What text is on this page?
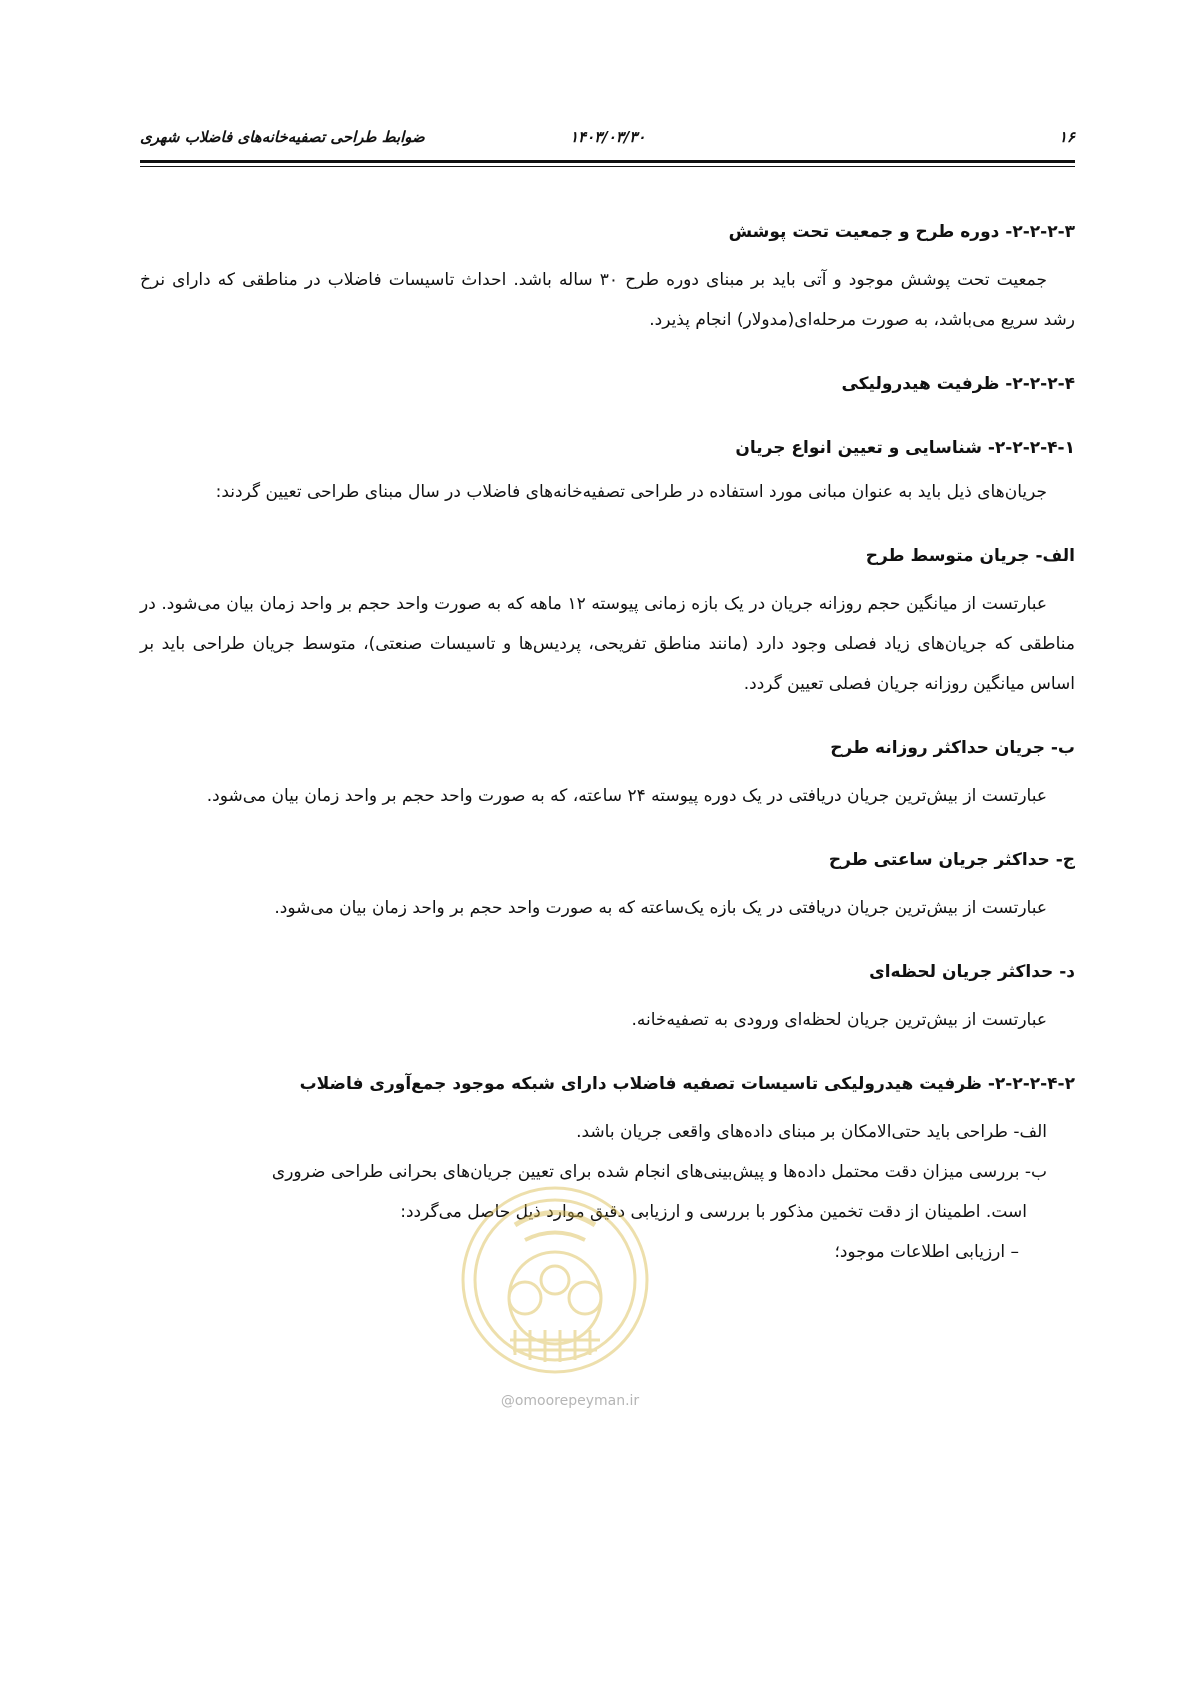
۱۶
۱۴۰۳/۰۳/۳۰
ضوابط طراحی تصفیه‌خانه‌های فاضلاب شهری

۲-۲-۲-۳- دوره طرح و جمعیت تحت پوشش

جمعیت تحت پوشش موجود و آتی باید بر مبنای دوره طرح ۳۰ ساله باشد. احداث تاسیسات فاضلاب در مناطقی که دارای نرخ رشد سریع می‌باشد، به صورت مرحله‌ای(مدولار) انجام پذیرد.

۲-۲-۲-۴- ظرفیت هیدرولیکی

۲-۲-۲-۴-۱- شناسایی و تعیین انواع جریان

جریان‌های ذیل باید به عنوان مبانی مورد استفاده در طراحی تصفیه‌خانه‌های فاضلاب در سال مبنای طراحی تعیین گردند:

الف- جریان متوسط طرح

عبارتست از میانگین حجم روزانه جریان در یک بازه زمانی پیوسته ۱۲ ماهه که به صورت واحد حجم بر واحد زمان بیان می‌شود. در مناطقی که جریان‌های زیاد فصلی وجود دارد (مانند مناطق تفریحی، پردیس‌ها و تاسیسات صنعتی)، متوسط جریان طراحی باید بر اساس میانگین روزانه جریان فصلی تعیین گردد.

ب- جریان حداکثر روزانه طرح

عبارتست از بیش‌ترین جریان دریافتی در یک دوره پیوسته ۲۴ ساعته، که به صورت واحد حجم بر واحد زمان بیان می‌شود.

ج- حداکثر جریان ساعتی طرح

عبارتست از بیش‌ترین جریان دریافتی در یک بازه یک‌ساعته که به صورت واحد حجم بر واحد زمان بیان می‌شود.

د- حداکثر جریان لحظه‌ای

عبارتست از بیش‌ترین جریان لحظه‌ای ورودی به تصفیه‌خانه.

۲-۲-۲-۴-۲- ظرفیت هیدرولیکی تاسیسات تصفیه فاضلاب دارای شبکه موجود جمع‌آوری فاضلاب

الف- طراحی باید حتی‌الامکان بر مبنای داده‌های واقعی جریان باشد.

ب- بررسی میزان دقت محتمل داده‌ها و پیش‌بینی‌های انجام شده برای تعیین جریان‌های بحرانی طراحی ضروری

است. اطمینان از دقت تخمین مذکور با بررسی و ارزیابی دقیق موارد ذیل حاصل می‌گردد:

– ارزیابی اطلاعات موجود؛

@omoorepeyman.ir
